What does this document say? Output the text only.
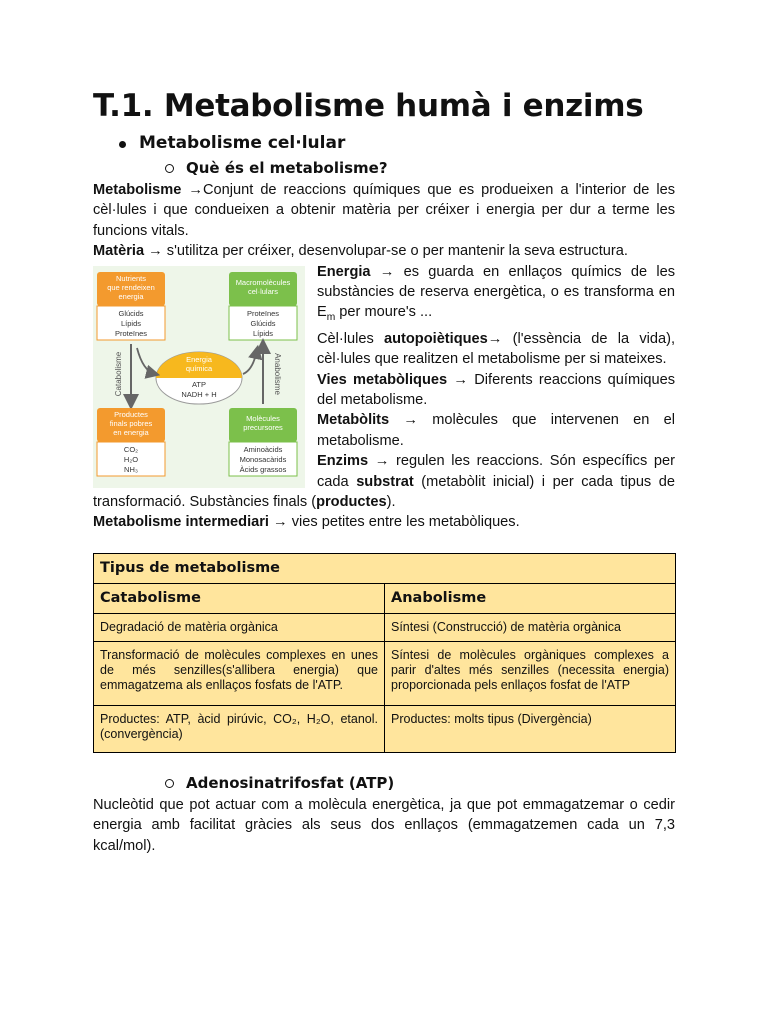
T.1. Metabolisme humà i enzims
Metabolisme cel·lular
Què és el metabolisme?

Metabolisme →Conjunt de reaccions químiques que es produeixen a l'interior de les cèl·lules i que condueixen a obtenir matèria per créixer i energia per dur a terme les funcions vitals.

Matèria → s'utilitza per créixer, desenvolupar-se o per mantenir la seva estructura.

Nutrients
que rendeixen
energia
Glúcids
Lípids
Proteïnes
Macromolècules
cel·lulars
Proteïnes
Glúcids
Lípids
Energia
química
ATP
NADH + H
Catabolisme	Anabolisme
Productes
finals pobres
en energia
CO₂
H₂O
NH₃
Molècules
precursores
Aminoàcids
Monosacàrids
Àcids grassos

Energia → es guarda en enllaços químics de les substàncies de reserva energètica, o es transforma en $E_m$ per moure's ...

Cèl·lules autopoiètiques→ (l'essència de la vida), cèl·lules que realitzen el metabolisme per si mateixes.

Vies metabòliques → Diferents reaccions químiques del metabolisme.

Metabòlits → molècules que intervenen en el metabolisme.

Enzims → regulen les reaccions. Són específics per cada substrat (metabòlit inicial) i per cada tipus de transformació. Substàncies finals (productes).

Metabolisme intermediari → vies petites entre les metabòliques.

Tipus de metabolisme	
Catabolisme	Anabolisme
Degradació de matèria orgànica	Síntesi (Construcció) de matèria orgànica
Transformació de molècules complexes en unes de més senzilles(s'allibera energia) que emmagatzema als enllaços fosfats de l'ATP.	Síntesi de molècules orgàniques complexes a parir d'altes més senzilles (necessita energia) proporcionada pels enllaços fosfat de l'ATP
Productes: ATP, àcid pirúvic, CO₂, H₂O, etanol. (convergència)	Productes: molts tipus (Divergència)
Adenosinatrifosfat (ATP)

Nucleòtid que pot actuar com a molècula energètica, ja que pot emmagatzemar o cedir energia amb facilitat gràcies als seus dos enllaços (emmagatzemen cada un 7,3 kcal/mol).
